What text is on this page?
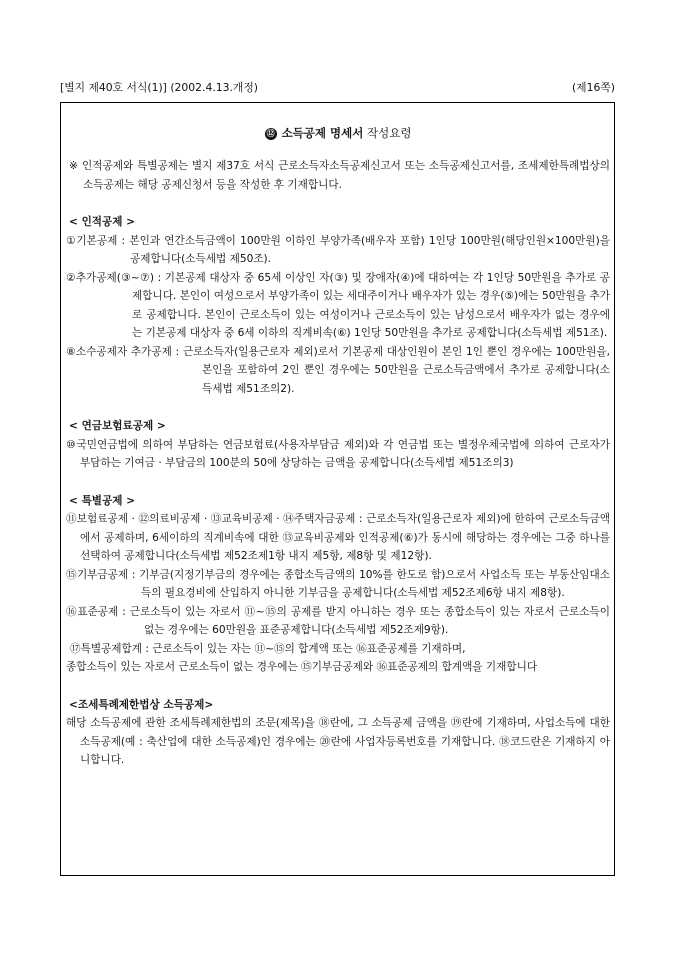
[별지 제40호 서식(1)] (2002.4.13.개정)	(제16쪽)
⑫ 소득공제 명세서 작성요령

※ 인적공제와 특별공제는 별지 제37호 서식 근로소득자소득공제신고서 또는 소득공제신고서를, 조세제한특례법상의 소득공제는 해당 공제신청서 등을 작성한 후 기재합니다.

< 인적공제 >

①기본공제 : 본인과 연간소득금액이 100만원 이하인 부양가족(배우자 포함) 1인당 100만원(해당인원×100만원)을 공제합니다(소득세법 제50조).

②추가공제(③~⑦) : 기본공제 대상자 중 65세 이상인 자(③) 및 장애자(④)에 대하여는 각 1인당 50만원을 추가로 공제합니다. 본인이 여성으로서 부양가족이 있는 세대주이거나 배우자가 있는 경우(⑤)에는 50만원을 추가로 공제합니다. 본인이 근로소득이 있는 여성이거나 근로소득이 있는 남성으로서 배우자가 없는 경우에는 기본공제 대상자 중 6세 이하의 직계비속(⑥) 1인당 50만원을 추가로 공제합니다(소득세법 제51조).

⑧소수공제자 추가공제 : 근로소득자(일용근로자 제외)로서 기본공제 대상인원이 본인 1인 뿐인 경우에는 100만원을, 본인을 포함하여 2인 뿐인 경우에는 50만원을 근로소득금액에서 추가로 공제합니다(소득세법 제51조의2).

< 연금보험료공제 >

⑩국민연금법에 의하여 부담하는 연금보험료(사용자부담금 제외)와 각 연금법 또는 별정우체국법에 의하여 근로자가 부담하는 기여금 · 부담금의 100분의 50에 상당하는 금액을 공제합니다(소득세법 제51조의3)

< 특별공제 >

⑪보험료공제 · ⑫의료비공제 · ⑬교육비공제 · ⑭주택자금공제 : 근로소득자(일용근로자 제외)에 한하여 근로소득금액에서 공제하며, 6세이하의 직계비속에 대한 ⑬교육비공제와 인적공제(⑥)가 동시에 해당하는 경우에는 그중 하나를 선택하여 공제합니다(소득세법 제52조제1항 내지 제5항, 제8항 및 제12항).

⑮기부금공제 : 기부금(지정기부금의 경우에는 종합소득금액의 10%를 한도로 함)으로서 사업소득 또는 부동산임대소득의 필요경비에 산입하지 아니한 기부금을 공제합니다(소득세법 제52조제6항 내지 제8항).

⑯표준공제 : 근로소득이 있는 자로서 ⑪~⑮의 공제를 받지 아니하는 경우 또는 종합소득이 있는 자로서 근로소득이 없는 경우에는 60만원을 표준공제합니다(소득세법 제52조제9항).

⑰특별공제합계 : 근로소득이 있는 자는 ⑪~⑮의 합계액 또는 ⑯표준공제를 기재하며,

종합소득이 있는 자로서 근로소득이 없는 경우에는 ⑮기부금공제와 ⑯표준공제의 합계액을 기재합니다

<조세특례제한법상 소득공제>

해당 소득공제에 관한 조세특례제한법의 조문(제목)을 ⑱란에, 그 소득공제 금액을 ⑲란에 기재하며, 사업소득에 대한 소득공제(예 : 축산업에 대한 소득공제)인 경우에는 ⑳란에 사업자등록번호를 기재합니다. ⑱코드란은 기재하지 아니합니다.
